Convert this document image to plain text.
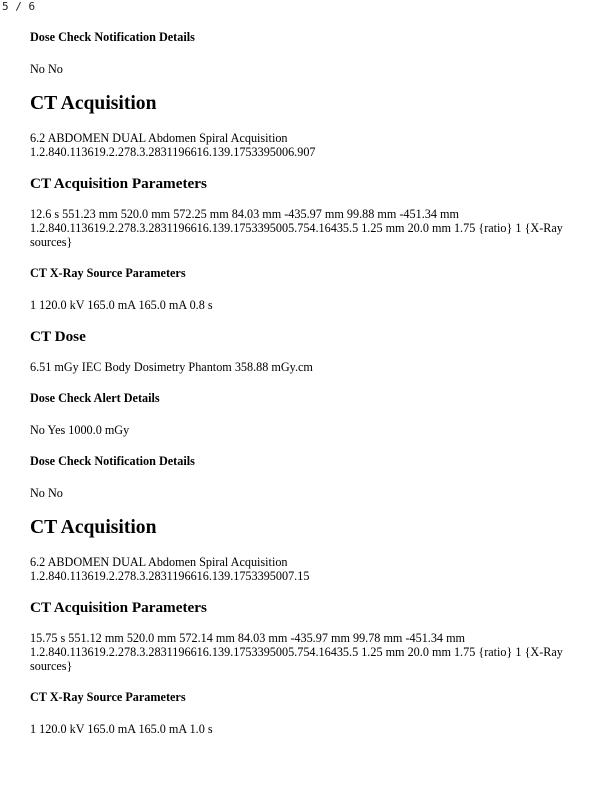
5 / 6
Dose Check Notification Details
No No
CT Acquisition
6.2 ABDOMEN DUAL Abdomen Spiral Acquisition
1.2.840.113619.2.278.3.2831196616.139.1753395006.907
CT Acquisition Parameters
12.6 s 551.23 mm 520.0 mm 572.25 mm 84.03 mm -435.97 mm 99.88 mm -451.34 mm 1.2.840.113619.2.278.3.2831196616.139.1753395005.754.16435.5 1.25 mm 20.0 mm 1.75 {ratio} 1 {X-Ray sources}
CT X-Ray Source Parameters
1 120.0 kV 165.0 mA 165.0 mA 0.8 s
CT Dose
6.51 mGy IEC Body Dosimetry Phantom 358.88 mGy.cm
Dose Check Alert Details
No Yes 1000.0 mGy
Dose Check Notification Details
No No
CT Acquisition
6.2 ABDOMEN DUAL Abdomen Spiral Acquisition
1.2.840.113619.2.278.3.2831196616.139.1753395007.15
CT Acquisition Parameters
15.75 s 551.12 mm 520.0 mm 572.14 mm 84.03 mm -435.97 mm 99.78 mm -451.34 mm 1.2.840.113619.2.278.3.2831196616.139.1753395005.754.16435.5 1.25 mm 20.0 mm 1.75 {ratio} 1 {X-Ray sources}
CT X-Ray Source Parameters
1 120.0 kV 165.0 mA 165.0 mA 1.0 s
